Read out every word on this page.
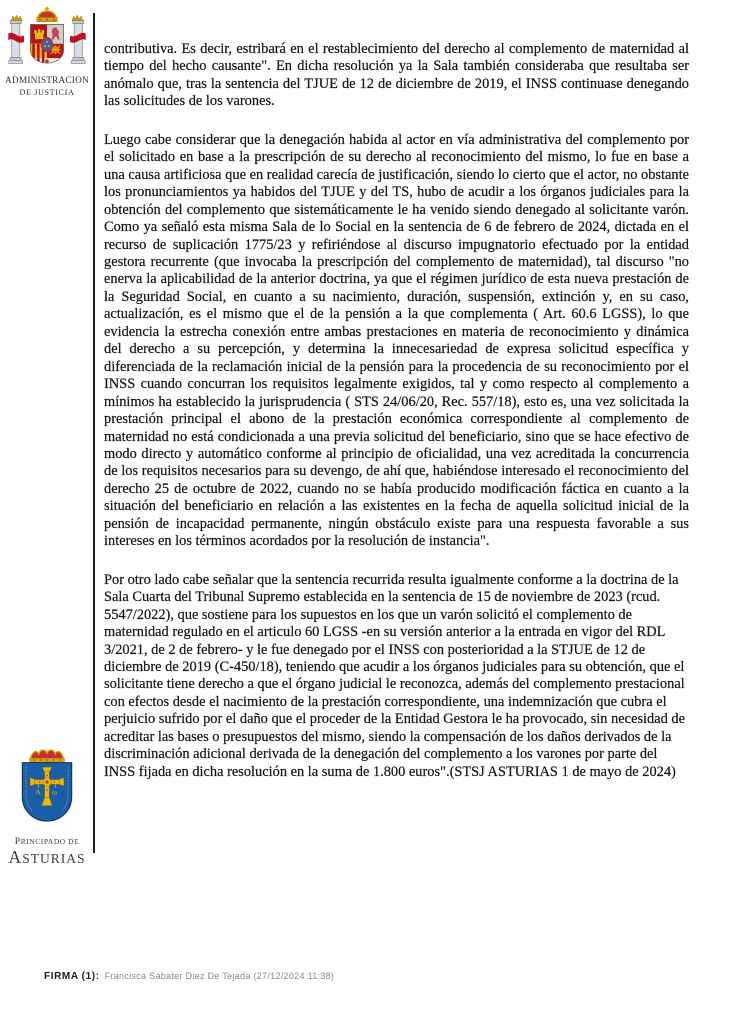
ADMINISTRACION
DE JUSTICIA

contributiva. Es decir, estribará en el restablecimiento del derecho al complemento de maternidad al tiempo del hecho causante". En dicha resolución ya la Sala también consideraba que resultaba ser anómalo que, tras la sentencia del TJUE de 12 de diciembre de 2019, el INSS continuase denegando las solicitudes de los varones.

Luego cabe considerar que la denegación habida al actor en vía administrativa del complemento por el solicitado en base a la prescripción de su derecho al reconocimiento del mismo, lo fue en base a una causa artificiosa que en realidad carecía de justificación, siendo lo cierto que el actor, no obstante los pronunciamientos ya habidos del TJUE y del TS, hubo de acudir a los órganos judiciales para la obtención del complemento que sistemáticamente le ha venido siendo denegado al solicitante varón. Como ya señaló esta misma Sala de lo Social en la sentencia de 6 de febrero de 2024, dictada en el recurso de suplicación 1775/23 y refiriéndose al discurso impugnatorio efectuado por la entidad gestora recurrente (que invocaba la prescripción del complemento de maternidad), tal discurso "no enerva la aplicabilidad de la anterior doctrina, ya que el régimen jurídico de esta nueva prestación de la Seguridad Social, en cuanto a su nacimiento, duración, suspensión, extinción y, en su caso, actualización, es el mismo que el de la pensión a la que complementa ( Art. 60.6 LGSS), lo que evidencia la estrecha conexión entre ambas prestaciones en materia de reconocimiento y dinámica del derecho a su percepción, y determina la innecesariedad de expresa solicitud específica y diferenciada de la reclamación inicial de la pensión para la procedencia de su reconocimiento por el INSS cuando concurran los requisitos legalmente exigidos, tal y como respecto al complemento a mínimos ha establecido la jurisprudencia ( STS 24/06/20, Rec. 557/18), esto es, una vez solicitada la prestación principal el abono de la prestación económica correspondiente al complemento de maternidad no está condicionada a una previa solicitud del beneficiario, sino que se hace efectivo de modo directo y automático conforme al principio de oficialidad, una vez acreditada la concurrencia de los requisitos necesarios para su devengo, de ahí que, habiéndose interesado el reconocimiento del derecho 25 de octubre de 2022, cuando no se había producido modificación fáctica en cuanto a la situación del beneficiario en relación a las existentes en la fecha de aquella solicitud inicial de la pensión de incapacidad permanente, ningún obstáculo existe para una respuesta favorable a sus intereses en los términos acordados por la resolución de instancia".

Por otro lado cabe señalar que la sentencia recurrida resulta igualmente conforme a la doctrina de la Sala Cuarta del Tribunal Supremo establecida en la sentencia de 15 de noviembre de 2023 (rcud. 5547/2022), que sostiene para los supuestos en los que un varón solicitó el complemento de maternidad regulado en el articulo 60 LGSS -en su versión anterior a la entrada en vigor del RDL 3/2021, de 2 de febrero- y le fue denegado por el INSS con posterioridad a la STJUE de 12 de diciembre de 2019 (C-450/18), teniendo que acudir a los órganos judiciales para su obtención, que el solicitante tiene derecho a que el órgano judicial le reconozca, además del complemento prestacional con efectos desde el nacimiento de la prestación correspondiente, una indemnización que cubra el perjuicio sufrido por el daño que el proceder de la Entidad Gestora le ha provocado, sin necesidad de acreditar las bases o presupuestos del mismo, siendo la compensación de los daños derivados de la discriminación adicional derivada de la denegación del complemento a los varones por parte del INSS fijada en dicha resolución en la suma de 1.800 euros".(STSJ ASTURIAS 1 de mayo de 2024)

Α ω
PRINCIPADO DE
ASTURIAS
FIRMA (1): Francisca Sabater Diez De Tejada (27/12/2024 11:38)
